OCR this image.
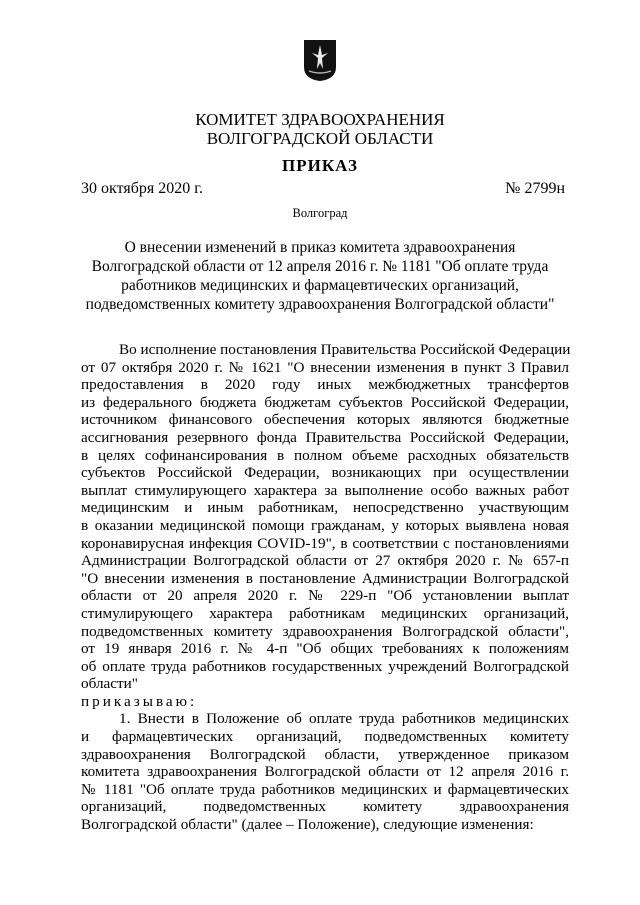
КОМИТЕТ ЗДРАВООХРАНЕНИЯ
ВОЛГОГРАДСКОЙ ОБЛАСТИ
ПРИКАЗ
30 октября 2020 г.	№ 2799н
Волгоград
О внесении изменений в приказ комитета здравоохранения
Волгоградской области от 12 апреля 2016 г. № 1181 "Об оплате труда
работников медицинских и фармацевтических организаций,
подведомственных комитету здравоохранения Волгоградской области"
Во исполнение постановления Правительства Российской Федерации
от 07 октября 2020 г. № 1621 "О внесении изменения в пункт 3 Правил
предоставления в 2020 году иных межбюджетных трансфертов
из федерального бюджета бюджетам субъектов Российской Федерации,
источником финансового обеспечения которых являются бюджетные
ассигнования резервного фонда Правительства Российской Федерации,
в целях софинансирования в полном объеме расходных обязательств
субъектов Российской Федерации, возникающих при осуществлении
выплат стимулирующего характера за выполнение особо важных работ
медицинским и иным работникам, непосредственно участвующим
в оказании медицинской помощи гражданам, у которых выявлена новая
коронавирусная инфекция COVID-19", в соответствии с постановлениями
Администрации Волгоградской области от 27 октября 2020 г. № 657-п
"О внесении изменения в постановление Администрации Волгоградской
области от 20 апреля 2020 г. № 229-п "Об установлении выплат
стимулирующего характера работникам медицинских организаций,
подведомственных комитету здравоохранения Волгоградской области",
от 19 января 2016 г. № 4-п "Об общих требованиях к положениям
об оплате труда работников государственных учреждений Волгоградской
области"
приказываю:
1. Внести в Положение об оплате труда работников медицинских
и фармацевтических организаций, подведомственных комитету
здравоохранения Волгоградской области, утвержденное приказом
комитета здравоохранения Волгоградской области от 12 апреля 2016 г.
№ 1181 "Об оплате труда работников медицинских и фармацевтических
организаций, подведомственных комитету здравоохранения
Волгоградской области" (далее – Положение), следующие изменения:
